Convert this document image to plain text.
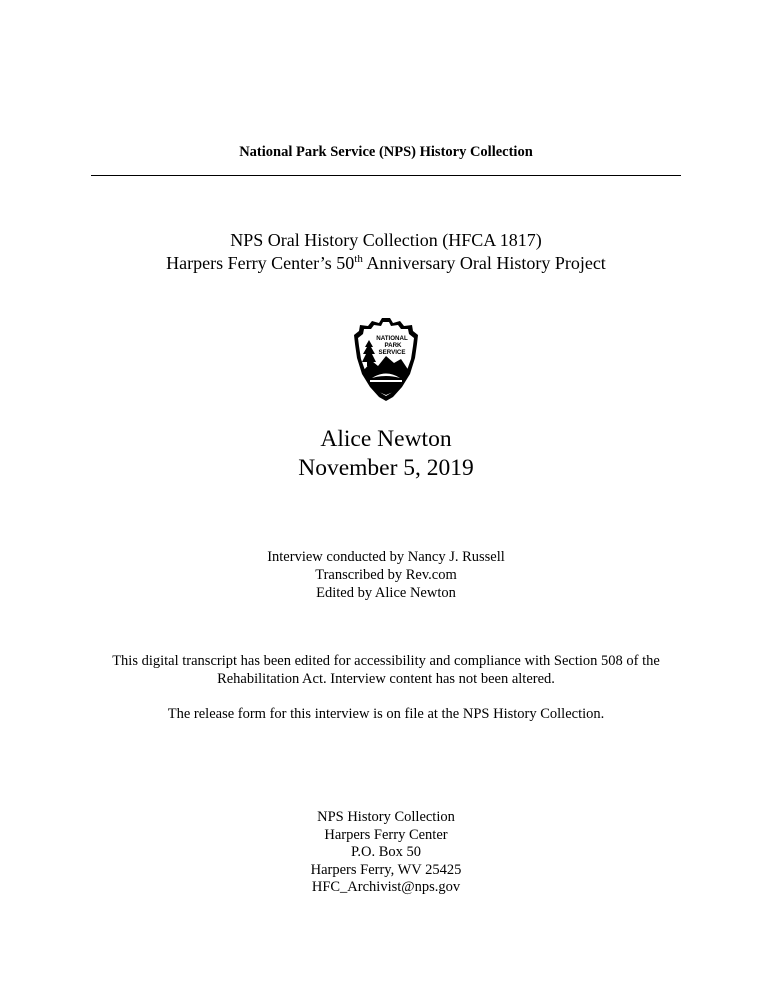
National Park Service (NPS) History Collection
NPS Oral History Collection (HFCA 1817)
Harpers Ferry Center’s 50th Anniversary Oral History Project
NATIONAL
PARK
SERVICE
Alice Newton
November 5, 2019
Interview conducted by Nancy J. Russell
Transcribed by Rev.com
Edited by Alice Newton
This digital transcript has been edited for accessibility and compliance with Section 508 of the
Rehabilitation Act. Interview content has not been altered.
The release form for this interview is on file at the NPS History Collection.
NPS History Collection
Harpers Ferry Center
P.O. Box 50
Harpers Ferry, WV 25425
HFC_Archivist@nps.gov
